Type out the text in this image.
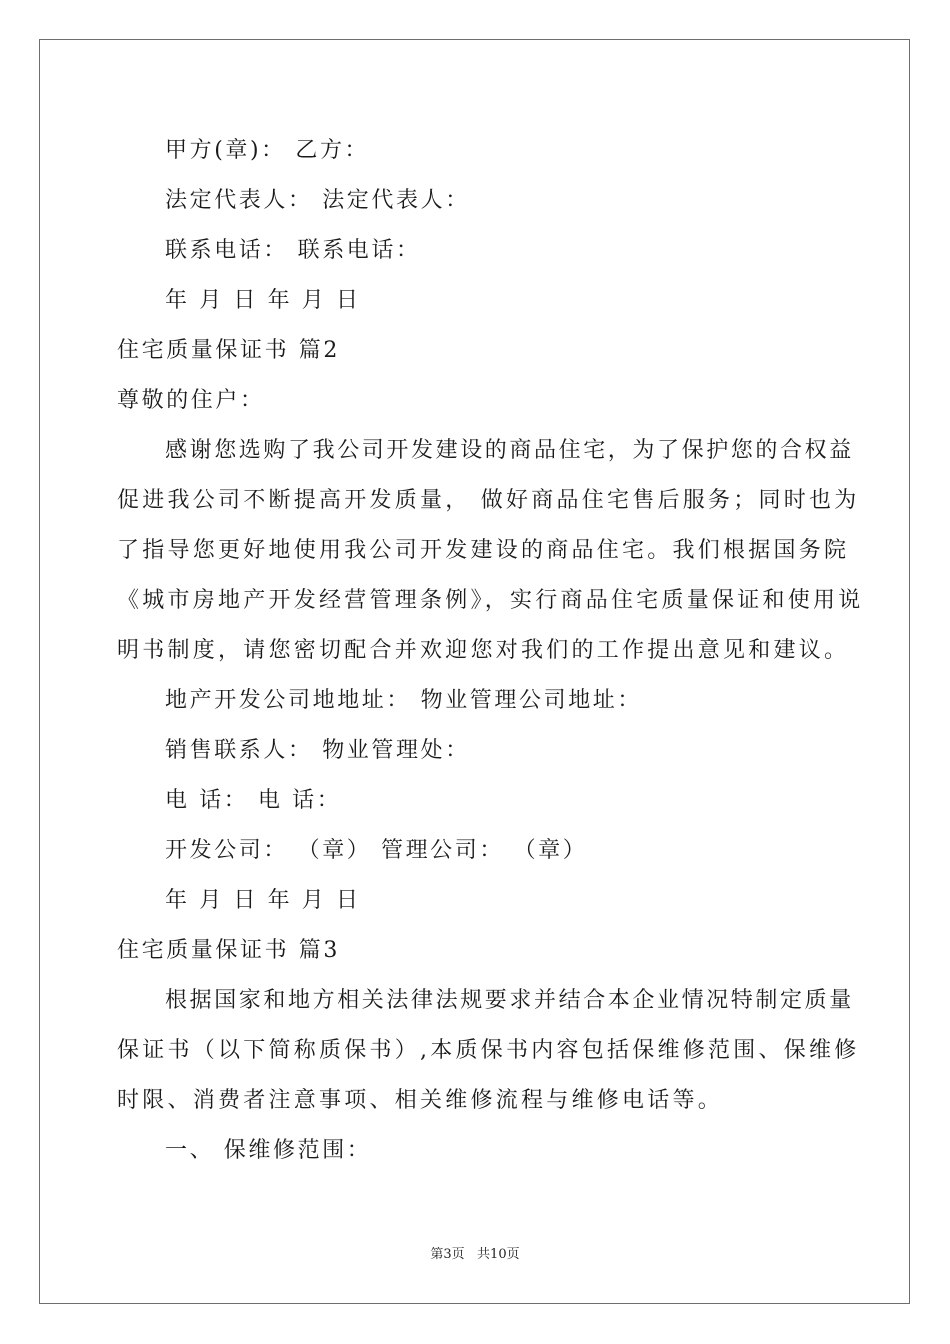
甲方(章)： 乙方：
法定代表人： 法定代表人：
联系电话： 联系电话：
年 月 日 年 月 日
住宅质量保证书 篇2
尊敬的住户：
感谢您选购了我公司开发建设的商品住宅，为了保护您的合权益
促进我公司不断提高开发质量， 做好商品住宅售后服务；同时也为
了指导您更好地使用我公司开发建设的商品住宅。我们根据国务院
《城市房地产开发经营管理条例》，实行商品住宅质量保证和使用说
明书制度，请您密切配合并欢迎您对我们的工作提出意见和建议。
地产开发公司地地址： 物业管理公司地址：
销售联系人： 物业管理处：
电 话： 电 话：
开发公司： （章） 管理公司： （章）
年 月 日 年 月 日
住宅质量保证书 篇3
根据国家和地方相关法律法规要求并结合本企业情况特制定质量
保证书（以下简称质保书）,本质保书内容包括保维修范围、保维修
时限、消费者注意事项、相关维修流程与维修电话等。
一、 保维修范围：
第3页   共10页
